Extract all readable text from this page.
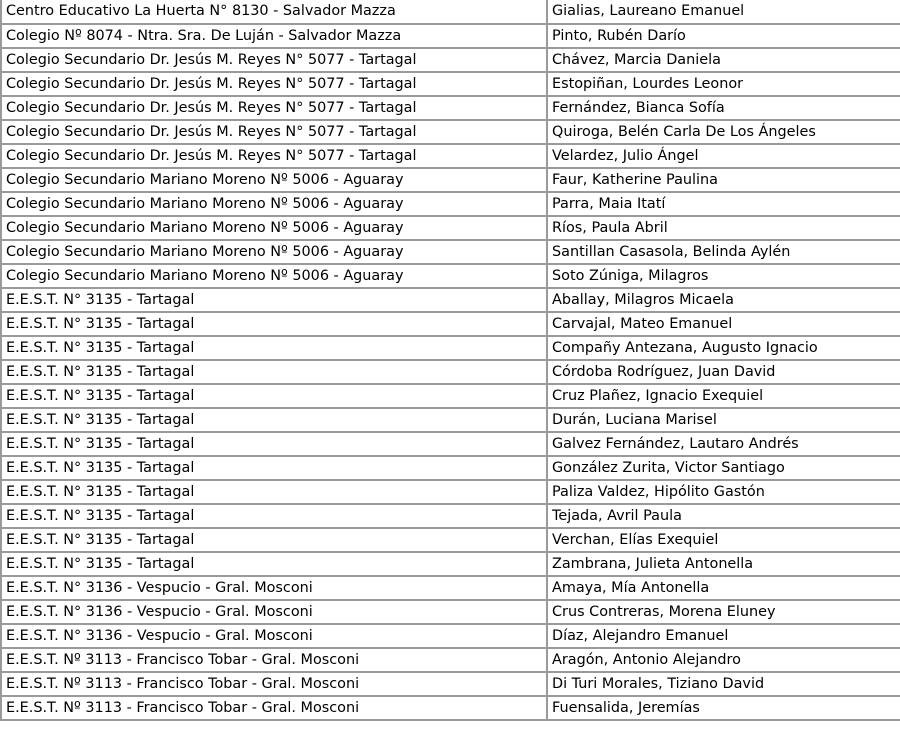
Centro Educativo La Huerta N° 8130 - Salvador Mazza	Gialias, Laureano Emanuel
Colegio Nº 8074 - Ntra. Sra. De Luján - Salvador Mazza	Pinto, Rubén Darío
Colegio Secundario Dr. Jesús M. Reyes N° 5077 - Tartagal	Chávez, Marcia Daniela
Colegio Secundario Dr. Jesús M. Reyes N° 5077 - Tartagal	Estopiñan, Lourdes Leonor
Colegio Secundario Dr. Jesús M. Reyes N° 5077 - Tartagal	Fernández, Bianca Sofía
Colegio Secundario Dr. Jesús M. Reyes N° 5077 - Tartagal	Quiroga, Belén Carla De Los Ángeles
Colegio Secundario Dr. Jesús M. Reyes N° 5077 - Tartagal	Velardez, Julio Ángel
Colegio Secundario Mariano Moreno Nº 5006 - Aguaray	Faur, Katherine Paulina
Colegio Secundario Mariano Moreno Nº 5006 - Aguaray	Parra, Maia Itatí
Colegio Secundario Mariano Moreno Nº 5006 - Aguaray	Ríos, Paula Abril
Colegio Secundario Mariano Moreno Nº 5006 - Aguaray	Santillan Casasola, Belinda Aylén
Colegio Secundario Mariano Moreno Nº 5006 - Aguaray	Soto Zúniga, Milagros
E.E.S.T. N° 3135 - Tartagal	Aballay, Milagros Micaela
E.E.S.T. N° 3135 - Tartagal	Carvajal, Mateo Emanuel
E.E.S.T. N° 3135 - Tartagal	Compañy Antezana, Augusto Ignacio
E.E.S.T. N° 3135 - Tartagal	Córdoba Rodríguez, Juan David
E.E.S.T. N° 3135 - Tartagal	Cruz Plañez, Ignacio Exequiel
E.E.S.T. N° 3135 - Tartagal	Durán, Luciana Marisel
E.E.S.T. N° 3135 - Tartagal	Galvez Fernández, Lautaro Andrés
E.E.S.T. N° 3135 - Tartagal	González Zurita, Victor Santiago
E.E.S.T. N° 3135 - Tartagal	Paliza Valdez, Hipólito Gastón
E.E.S.T. N° 3135 - Tartagal	Tejada, Avril Paula
E.E.S.T. N° 3135 - Tartagal	Verchan, Elías Exequiel
E.E.S.T. N° 3135 - Tartagal	Zambrana, Julieta Antonella
E.E.S.T. N° 3136 - Vespucio - Gral. Mosconi	Amaya, Mía Antonella
E.E.S.T. N° 3136 - Vespucio - Gral. Mosconi	Crus Contreras, Morena Eluney
E.E.S.T. N° 3136 - Vespucio - Gral. Mosconi	Díaz, Alejandro Emanuel
E.E.S.T. Nº 3113 - Francisco Tobar - Gral. Mosconi	Aragón, Antonio Alejandro
E.E.S.T. Nº 3113 - Francisco Tobar - Gral. Mosconi	Di Turi Morales, Tiziano David
E.E.S.T. Nº 3113 - Francisco Tobar - Gral. Mosconi	Fuensalida, Jeremías
